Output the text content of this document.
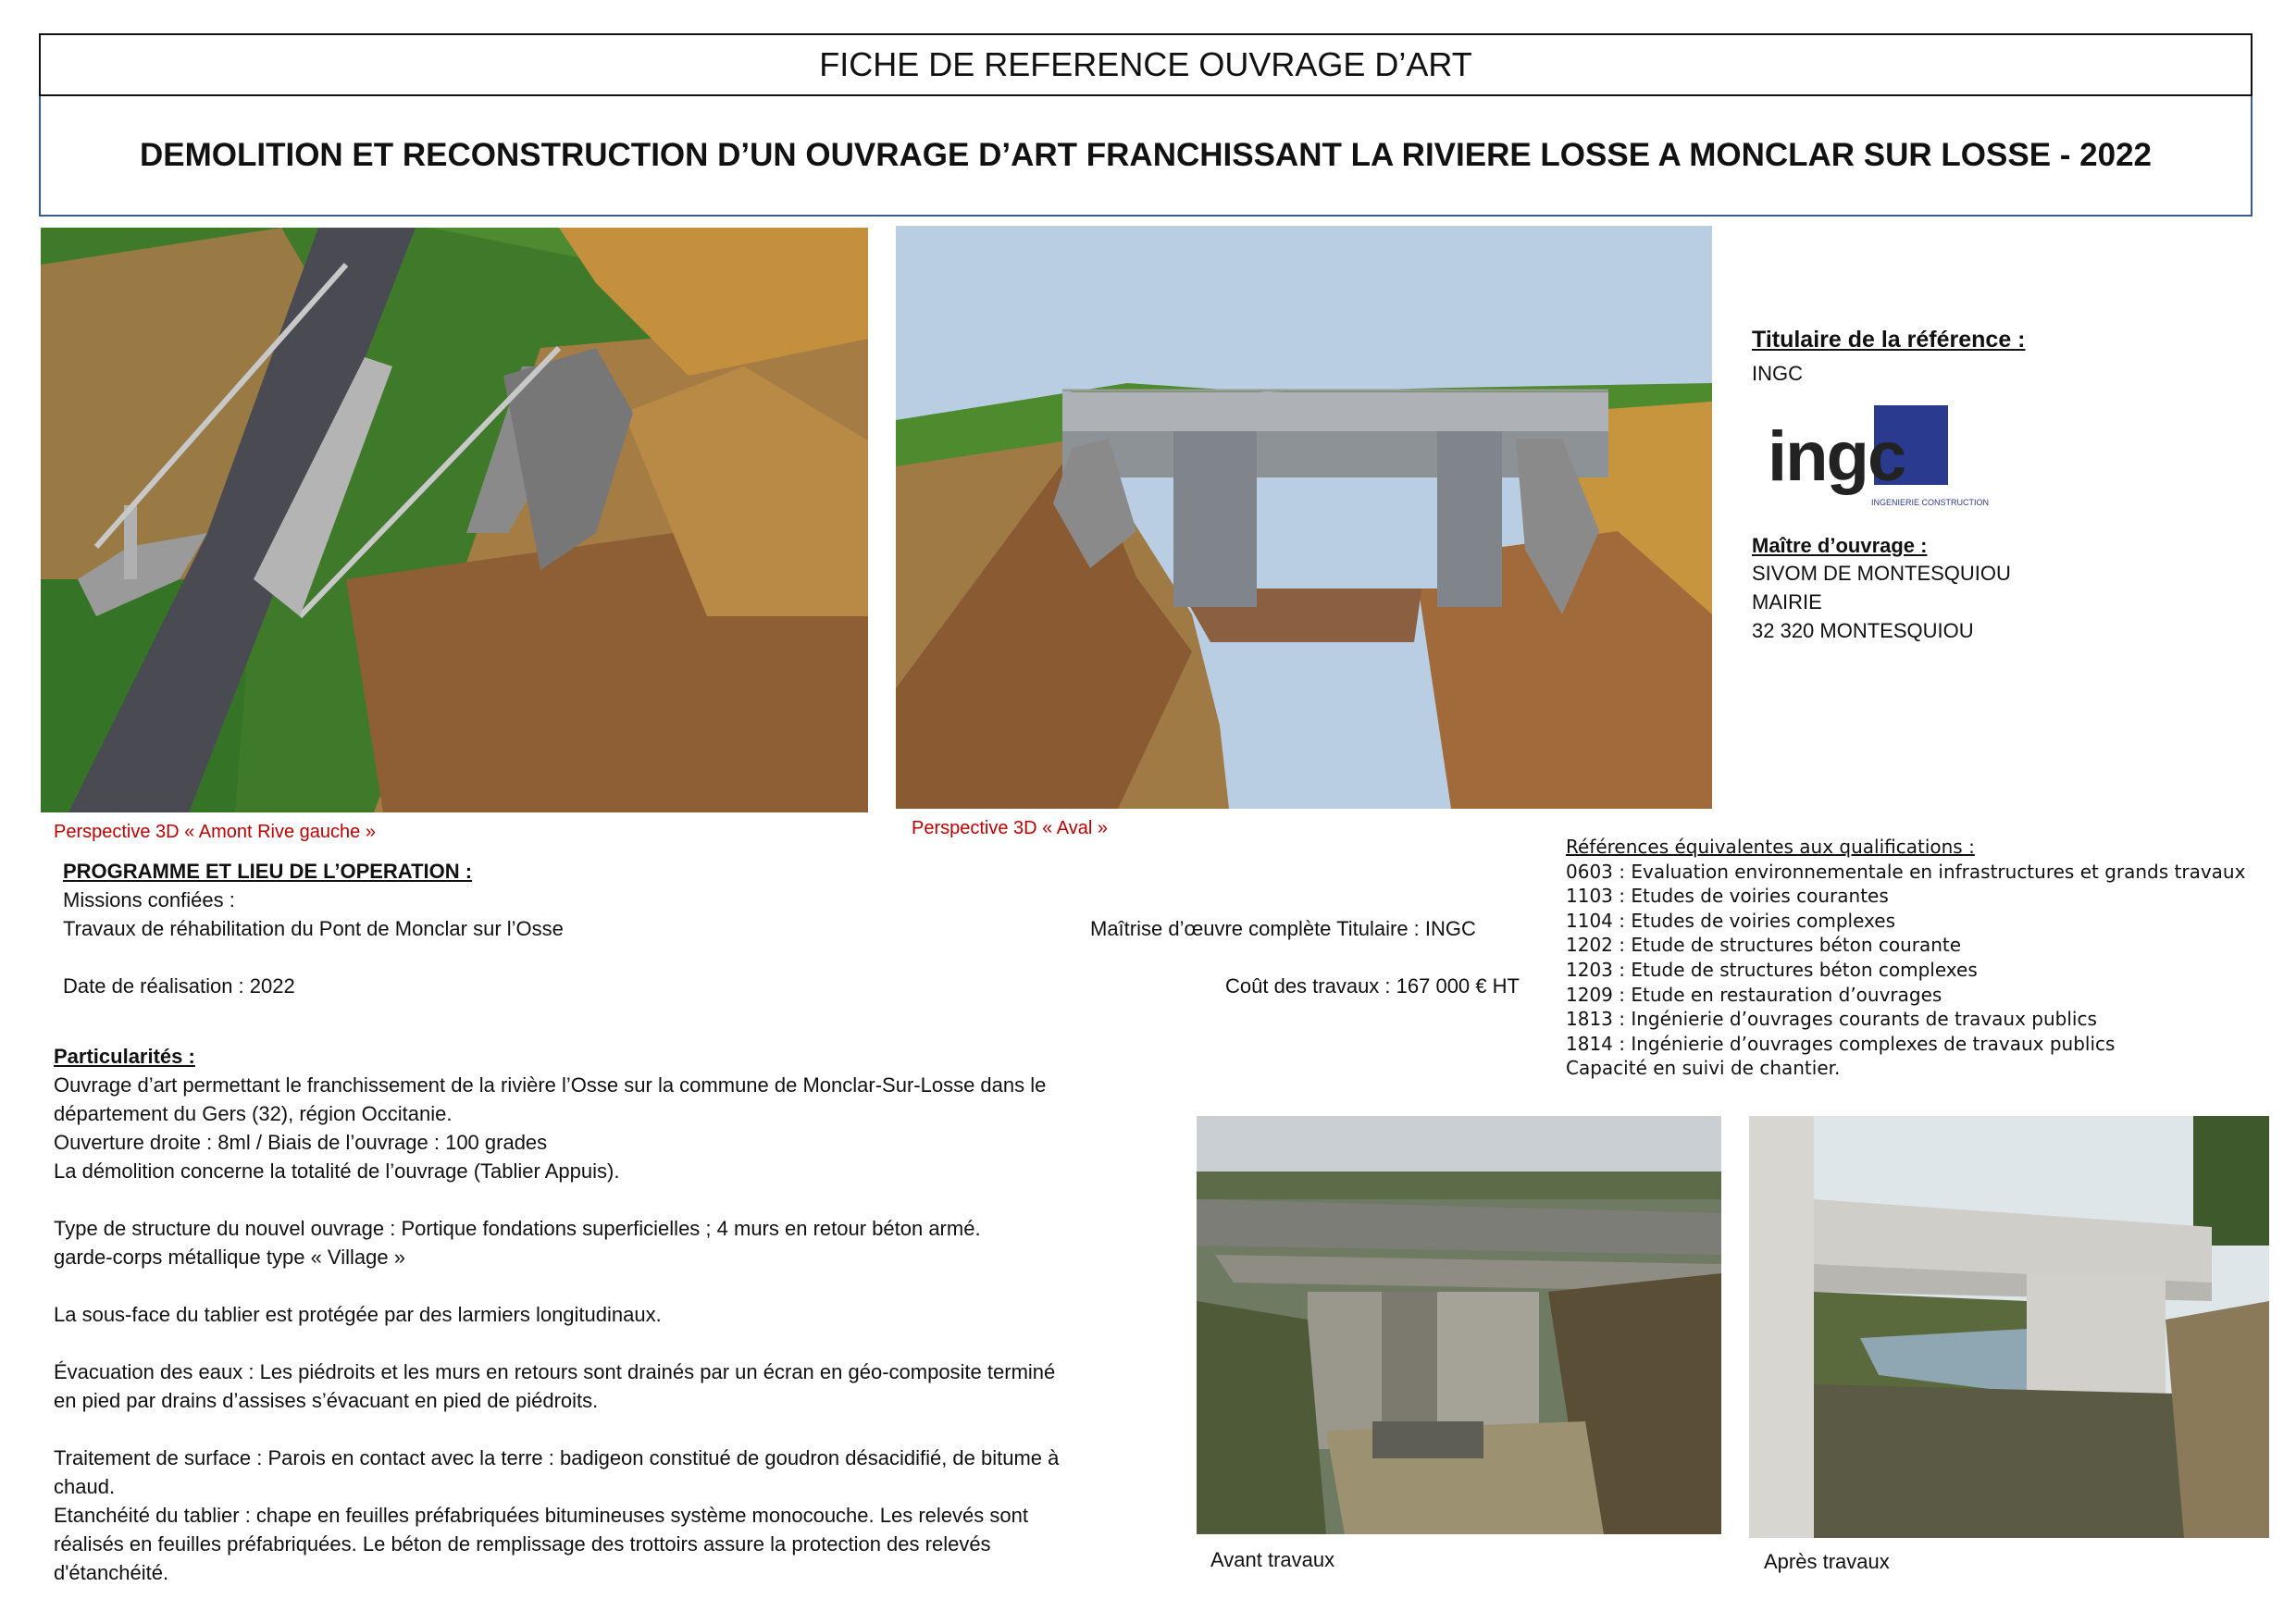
FICHE DE REFERENCE OUVRAGE D’ART
DEMOLITION ET RECONSTRUCTION D’UN OUVRAGE D’ART FRANCHISSANT LA RIVIERE LOSSE A MONCLAR SUR LOSSE - 2022
Perspective 3D « Amont Rive gauche »	Perspective 3D « Aval »
Titulaire de la référence :
INGC
ingc
INGENIERIE CONSTRUCTION
Maître d’ouvrage :
SIVOM DE MONTESQUIOU
MAIRIE
32 320 MONTESQUIOU
Références équivalentes aux qualifications :
0603 : Evaluation environnementale en infrastructures et grands travaux
1103 : Etudes de voiries courantes
1104 : Etudes de voiries complexes
1202 : Etude de structures béton courante
1203 : Etude de structures béton complexes
1209 : Etude en restauration d’ouvrages
1813 : Ingénierie d’ouvrages courants de travaux publics
1814 : Ingénierie d’ouvrages complexes de travaux publics
Capacité en suivi de chantier.
PROGRAMME ET LIEU DE L’OPERATION :
Missions confiées :
Travaux de réhabilitation du Pont de Monclar sur l’Osse	Maîtrise d’œuvre complète Titulaire : INGC
Date de réalisation : 2022	Coût des travaux : 167 000 € HT
Particularités :
Ouvrage d’art permettant le franchissement de la rivière l’Osse sur la commune de Monclar-Sur-Losse dans le
département du Gers (32), région Occitanie.
Ouverture droite : 8ml / Biais de l’ouvrage : 100 grades
La démolition concerne la totalité de l’ouvrage (Tablier Appuis).
Type de structure du nouvel ouvrage : Portique fondations superficielles ; 4 murs en retour béton armé.
garde-corps métallique type « Village »
La sous-face du tablier est protégée par des larmiers longitudinaux.
Évacuation des eaux : Les piédroits et les murs en retours sont drainés par un écran en géo-composite terminé
en pied par drains d’assises s’évacuant en pied de piédroits.
Traitement de surface : Parois en contact avec la terre : badigeon constitué de goudron désacidifié, de bitume à
chaud.
Etanchéité du tablier : chape en feuilles préfabriquées bitumineuses système monocouche. Les relevés sont
réalisés en feuilles préfabriquées. Le béton de remplissage des trottoirs assure la protection des relevés
d'étanchéité.
Avant travaux	Après travaux
